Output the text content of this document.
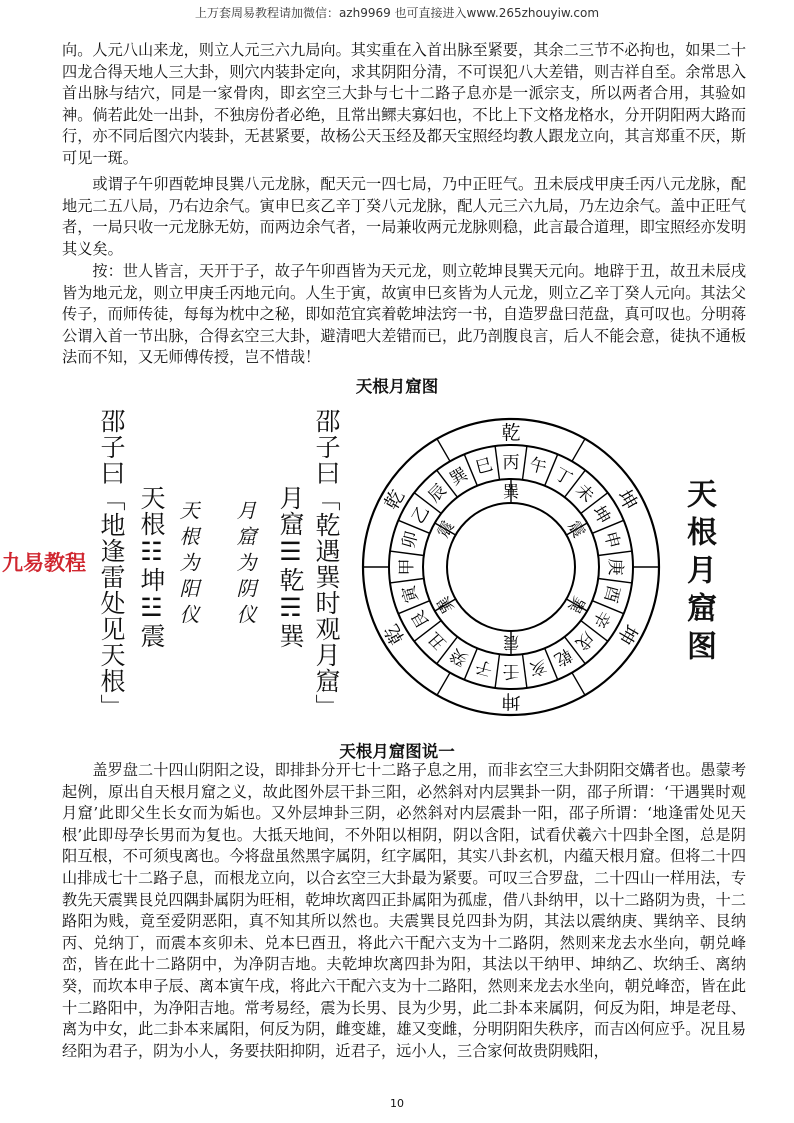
上万套周易教程请加微信：azh9969 也可直接进入www.265zhouyiw.com

向。人元八山来龙，则立人元三六九局向。其实重在入首出脉至紧要，其余二三节不必拘也，如果二十四龙合得天地人三大卦，则穴内装卦定向，求其阴阳分清，不可误犯八大差错，则吉祥自至。余常思入首出脉与结穴，同是一家骨肉，即玄空三大卦与七十二路子息亦是一派宗支，所以两者合用，其验如神。倘若此处一出卦，不独房份者必绝，且常出鳏夫寡妇也，不比上下文格龙格水，分开阴阳两大路而行，亦不同后图穴内装卦，无甚紧要，故杨公天玉经及都天宝照经均教人跟龙立向，其言郑重不厌，斯可见一斑。

或谓子午卯酉乾坤艮巽八元龙脉，配天元一四七局，乃中正旺气。丑未辰戌甲庚壬丙八元龙脉，配地元二五八局，乃右边余气。寅申巳亥乙辛丁癸八元龙脉，配人元三六九局，乃左边余气。盖中正旺气者，一局只收一元龙脉无妨，而两边余气者，一局兼收两元龙脉则稳，此言最合道理，即宝照经亦发明其义矣。

按：世人皆言，天开于子，故子午卯酉皆为天元龙，则立乾坤艮巽天元向。地辟于丑，故丑未辰戌皆为地元龙，则立甲庚壬丙地元向。人生于寅，故寅申巳亥皆为人元龙，则立乙辛丁癸人元向。其法父传子，而师传徒，每每为枕中之秘，即如范宜宾着乾坤法窍一书，自造罗盘曰范盘，真可叹也。分明蒋公谓入首一节出脉，合得玄空三大卦，避清吧大差错而已，此乃剖腹良言，后人不能会意，徒执不通板法而不知，又无师傅传授，岂不惜哉！

天根月窟图
邵子曰「地逢雷处见天根」 天根☷坤☳震 天根为阳仪 月窟为阴仪 月窟☰乾☴巽 邵子曰「乾遇巽时观月窟」
九易教程
乾
坤
坤
坤
乾
乾
壬
子
癸
丑
艮
寅
甲
卯
乙
辰
巽 巳 丙 午 丁
未
坤
申
庚
酉
辛
戌
乾
亥
震
巽
震
巽
震
巽	天根月窟图
天根月窟图说一

盖罗盘二十四山阴阳之设，即排卦分开七十二路子息之用，而非玄空三大卦阴阳交媾者也。愚蒙考起例，原出自天根月窟之义，故此图外层干卦三阳，必然斜对内层巽卦一阴，邵子所谓：‘干遇巽时观月窟’此即父生长女而为姤也。又外层坤卦三阴，必然斜对内层震卦一阳，邵子所谓：‘地逢雷处见天根’此即母孕长男而为复也。大抵天地间，不外阳以相阴，阴以含阳，试看伏羲六十四卦全图，总是阴阳互根，不可须曳离也。今将盘虽然黑字属阴，红字属阳，其实八卦玄机，内蕴天根月窟。但将二十四山排成七十二路子息，而根龙立向，以合玄空三大卦最为紧要。可叹三合罗盘，二十四山一样用法，专教先天震巽艮兑四隅卦属阴为旺相，乾坤坎离四正卦属阳为孤虚，借八卦纳甲，以十二路阴为贵，十二路阳为贱，竟至爱阴恶阳，真不知其所以然也。夫震巽艮兑四卦为阴，其法以震纳庚、巽纳辛、艮纳丙、兑纳丁，而震本亥卯未、兑本巳酉丑，将此六干配六支为十二路阴，然则来龙去水坐向，朝兑峰峦，皆在此十二路阴中，为净阴吉地。夫乾坤坎离四卦为阳，其法以干纳甲、坤纳乙、坎纳壬、离纳癸，而坎本申子辰、离本寅午戌，将此六干配六支为十二路阳，然则来龙去水坐向，朝兑峰峦，皆在此十二路阳中，为净阳吉地。常考易经，震为长男、艮为少男，此二卦本来属阴，何反为阳，坤是老母、离为中女，此二卦本来属阳，何反为阴，雌变雄，雄又变雌，分明阴阳失秩序，而吉凶何应乎。况且易经阳为君子，阴为小人，务要扶阳抑阴，近君子，远小人，三合家何故贵阴贱阳，

10
